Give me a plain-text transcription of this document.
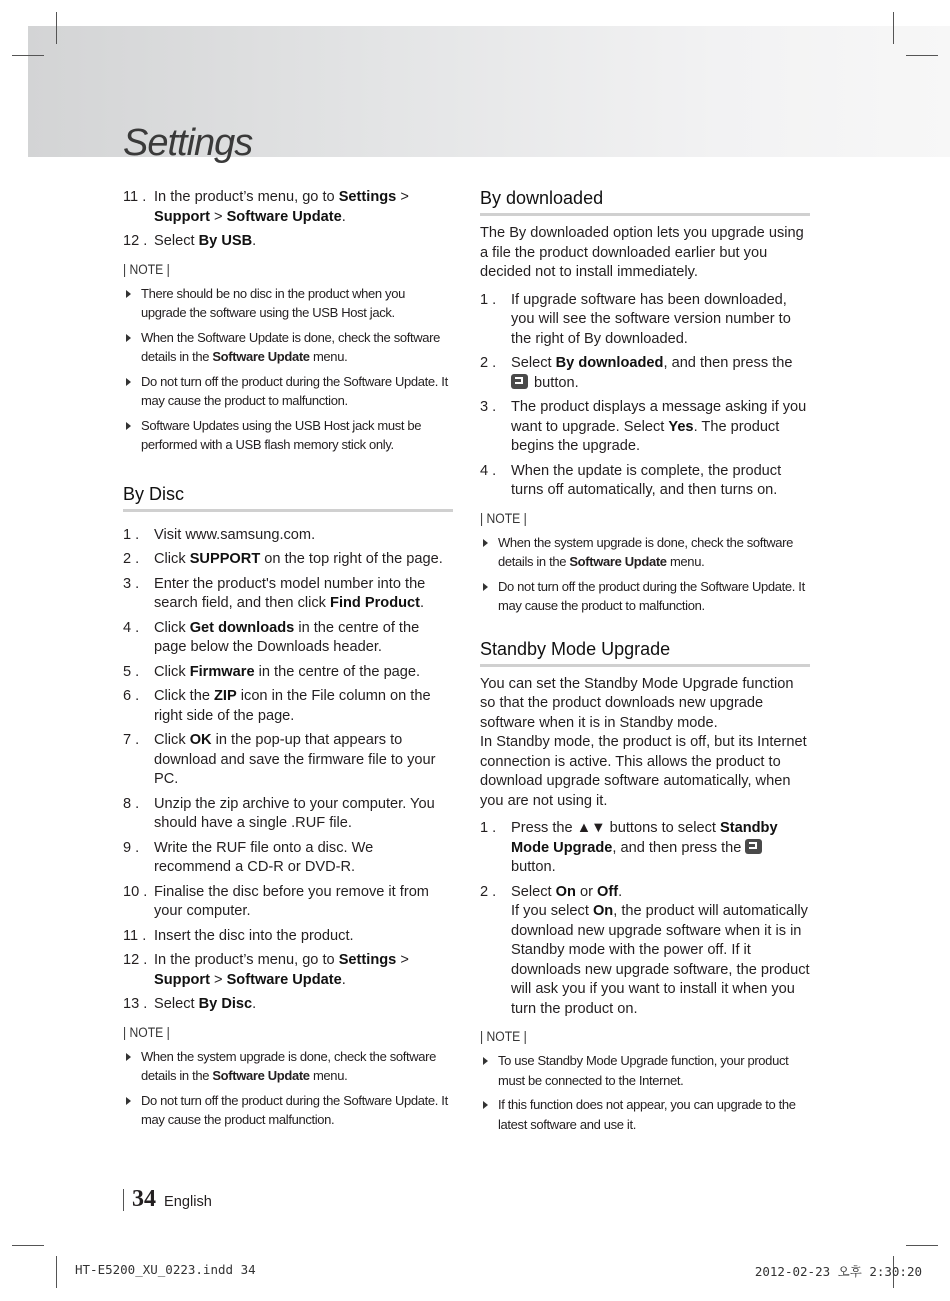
Settings
11 . In the product’s menu, go to Settings > Support > Software Update.
12 . Select By USB.
| NOTE |
There should be no disc in the product when you upgrade the software using the USB Host jack.
When the Software Update is done, check the software details in the Software Update menu.
Do not turn off the product during the Software Update. It may cause the product to malfunction.
Software Updates using the USB Host jack must be performed with a USB flash memory stick only.
By Disc
1 . Visit www.samsung.com.
2 . Click SUPPORT on the top right of the page.
3 . Enter the product's model number into the search field, and then click Find Product.
4 . Click Get downloads in the centre of the page below the Downloads header.
5 . Click Firmware in the centre of the page.
6 . Click the ZIP icon in the File column on the right side of the page.
7 . Click OK in the pop-up that appears to download and save the firmware file to your PC.
8 . Unzip the zip archive to your computer. You should have a single .RUF file.
9 . Write the RUF file onto a disc. We recommend a CD-R or DVD-R.
10 . Finalise the disc before you remove it from your computer.
11 . Insert the disc into the product.
12 . In the product’s menu, go to Settings > Support > Software Update.
13 . Select By Disc.
| NOTE |
When the system upgrade is done, check the software details in the Software Update menu.
Do not turn off the product during the Software Update. It may cause the product malfunction.
By downloaded

The By downloaded option lets you upgrade using a file the product downloaded earlier but you decided not to install immediately.

1 . If upgrade software has been downloaded, you will see the software version number to the right of By downloaded.
2 . Select By downloaded, and then press the  button.
3 . The product displays a message asking if you want to upgrade. Select Yes. The product begins the upgrade.
4 . When the update is complete, the product turns off automatically, and then turns on.
| NOTE |
When the system upgrade is done, check the software details in the Software Update menu.
Do not turn off the product during the Software Update. It may cause the product to malfunction.
Standby Mode Upgrade

You can set the Standby Mode Upgrade function so that the product downloads new upgrade software when it is in Standby mode.

In Standby mode, the product is off, but its Internet connection is active. This allows the product to download upgrade software automatically, when you are not using it.

1 . Press the ▲▼ buttons to select Standby Mode Upgrade, and then press the  button.
2 . Select On or Off.
If you select On, the product will automatically download new upgrade software when it is in Standby mode with the power off. If it downloads new upgrade software, the product will ask you if you want to install it when you turn the product on.
| NOTE |
To use Standby Mode Upgrade function, your product must be connected to the Internet.
If this function does not appear, you can upgrade to the latest software and use it.
34 English
HT-E5200_XU_0223.indd 34	2012-02-23 오후 2:30:20
